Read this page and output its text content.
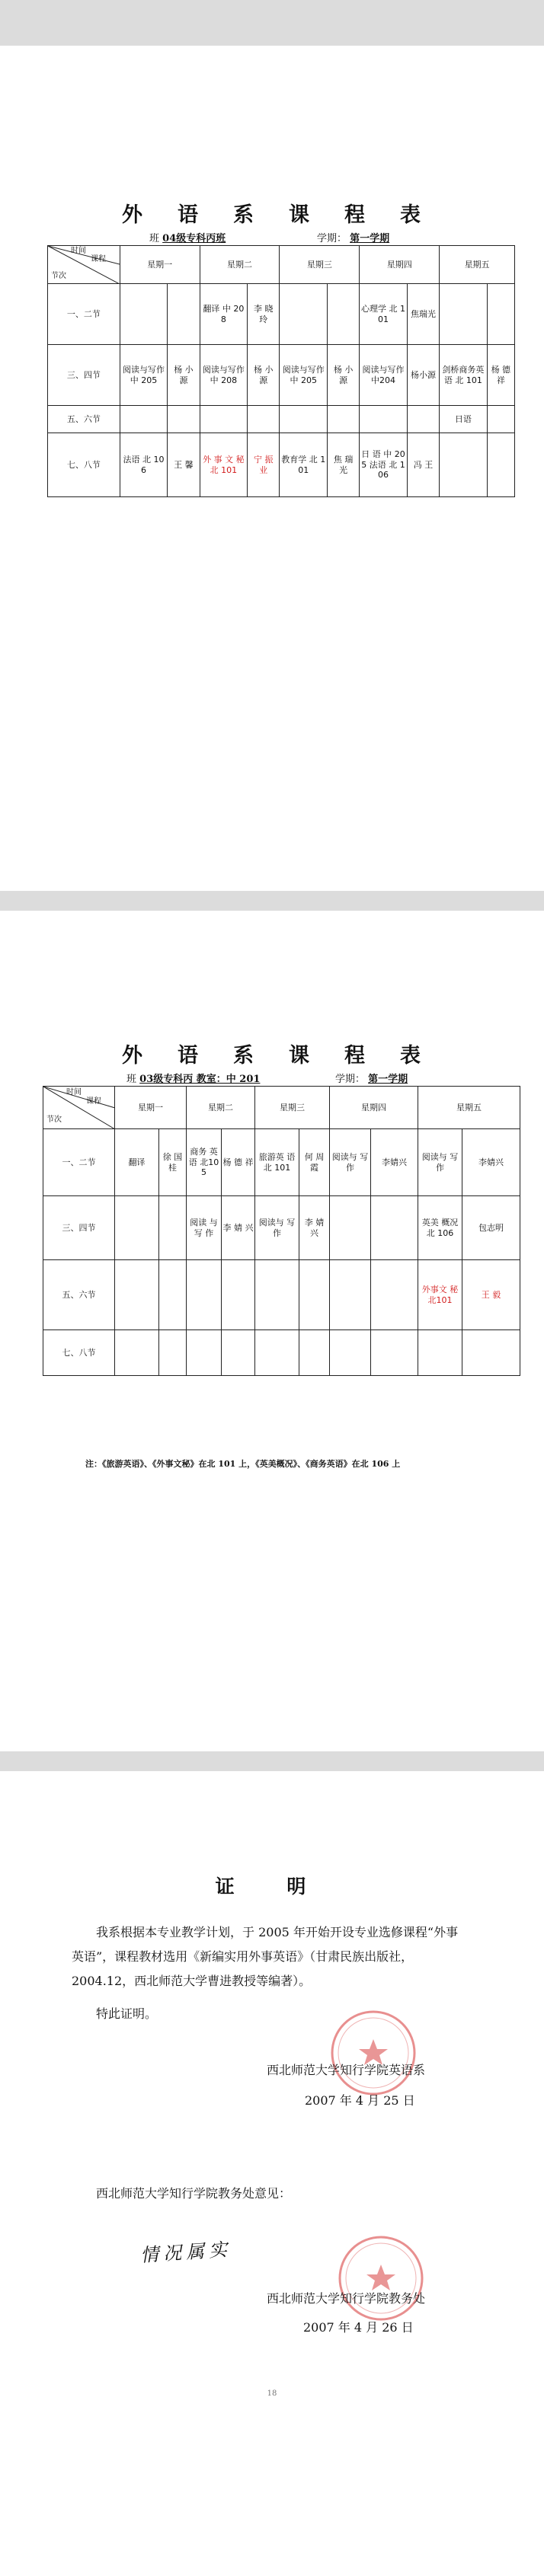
外 语 系 课 程 表
班 04级专科丙班	学期： 第一学期
时间
课程
节次	星期一		星期二		星期三		星期四		星期五	
一、二节			翻译 中 208	李 晓 玲			心理学 北 101	焦瑞光		
三、四节	阅读与写作 中 205	杨 小 源	阅读与写作 中 208	杨 小 源	阅读与写作 中 205	杨 小 源	阅读与写作 中204	杨小源	剑桥商务英语 北 101	杨 德 祥
五、六节									日语	
七、八节	法语 北 106	王 馨	外 事 文 秘 北 101	宁 振 业	教育学 北 101	焦 瑞 光	日 语 中 205 法语 北 106	冯 王		
外 语 系 课 程 表
班 03级专科丙 教室：中 201	学期： 第一学期
时间
课程
节次	星期一		星期二		星期三		星期四		星期五	
一、二节	翻译	徐 国 桂	商务 英语 北105	杨 德 祥	旅游英 语 北 101	何 周 霞	阅读与 写作	李婧兴	阅读与 写作	李婧兴
三、四节			阅读 与写 作	李 婧 兴	阅读与 写作	李 婧 兴			英美 概况 北 106	包志明
五、六节									外事文 秘 北101	王 毅
七、八节										
注：《旅游英语》、《外事文秘》在北 101 上，《英美概况》、《商务英语》在北 106 上
证 明
我系根据本专业教学计划，于 2005 年开始开设专业选修课程“外事英语”，课程教材选用《新编实用外事英语》（甘肃民族出版社，2004.12，西北师范大学曹进教授等编著）。
特此证明。
西北师范大学知行学院英语系
2007 年 4 月 25 日
西北师范大学知行学院教务处意见：
情况属实
西北师范大学知行学院教务处
2007 年 4 月 26 日
18
